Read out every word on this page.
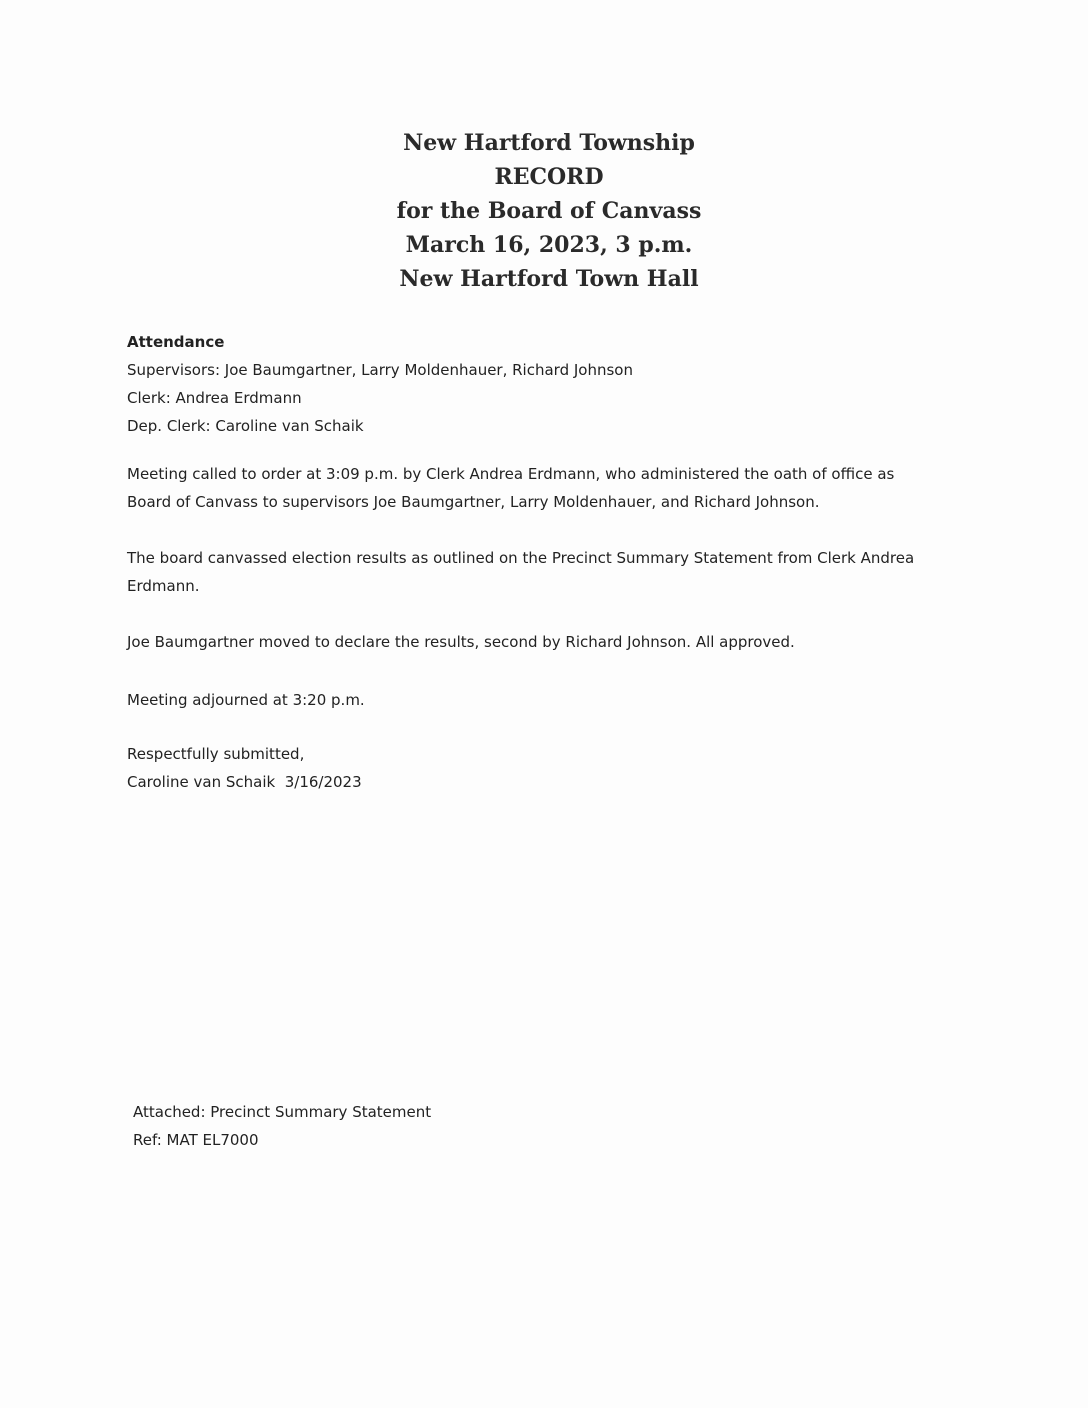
New Hartford Township
RECORD
for the Board of Canvass
March 16, 2023, 3 p.m.
New Hartford Town Hall
Attendance
Supervisors: Joe Baumgartner, Larry Moldenhauer, Richard Johnson
Clerk: Andrea Erdmann
Dep. Clerk: Caroline van Schaik
Meeting called to order at 3:09 p.m. by Clerk Andrea Erdmann, who administered the oath of office as
Board of Canvass to supervisors Joe Baumgartner, Larry Moldenhauer, and Richard Johnson.
The board canvassed election results as outlined on the Precinct Summary Statement from Clerk Andrea
Erdmann.
Joe Baumgartner moved to declare the results, second by Richard Johnson. All approved.
Meeting adjourned at 3:20 p.m.
Respectfully submitted,
Caroline van Schaik  3/16/2023
Attached: Precinct Summary Statement
Ref: MAT EL7000
